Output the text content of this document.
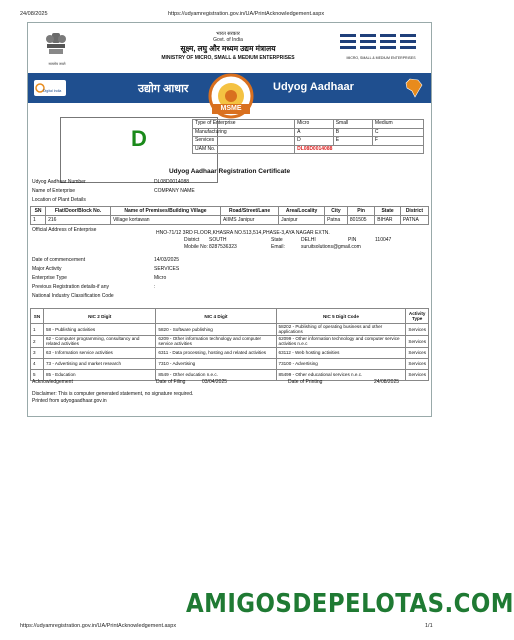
24/08/2025	https://udyamregistration.gov.in/UA/PrintAcknowledgement.aspx
सत्यमेव जयते
भारत सरकार
Govt. of India
सूक्ष्म, लघु और मध्यम उद्यम मंत्रालय
MINISTRY OF MICRO, SMALL & MEDIUM ENTERPRISES	MICRO, SMALL & MEDIUM ENTERPRISES
Digital India	उद्योग आधार
MSME
Udyog Aadhaar
D
Type of Enterprise	Micro	Small	Medium
Manufacturing	A	B	C
Services	D	E	F
UAM No.	DL08D0014088		
Udyog Aadhaar Registration Certificate
Udyog Aadhaar Number	DL08D0014088
Name of Enterprise	COMPANY NAME
Location of Plant Details
SN	Flat/Door/Block No.	Name of Premises/Building Village	Road/Street/Lane	Area/Locality	City	Pin	State	District
1	216	Village kortawan	AIIMS Janipur	Janipur	Patna	801505	BIHAR	PATNA
Official Address of Enterprise	HNO-71/12 3RD FLOOR,KHASRA NO.513,514,PHASE-3,AYA NAGAR EXTN.
District SOUTH	State	DELHI	PIN	110047
Mobile No: 8287536323	Email:	suruitsolutions@gmail.com
Date of commencement	14/03/2025
Major Activity	SERVICES
Enterprise Type	Micro
Previous Registration details-if any	:
National Industry Classification Code
SN	NIC 2 Digit	NIC 4 Digit	NIC 5 Digit Code	Activity Type
1	58 - Publishing activities	5820 - Software publishing	58202 - Publishing of operating business and other applications	Services
2	62 - Computer programming, consultancy and related activities	6209 - Other information technology and computer service activities	62099 - Other information technology and computer service activities n.e.c	Services
3	63 - Information service activities	6311 - Data processing, hosting and related activities	63112 - Web hosting activities	Services
4	73 - Advertising and market research	7310 - Advertising	73100 - Advertising	Services
5	85 - Education	8549 - Other education n.e.c.	85499 - Other educational services n.e.c.	Services
Acknowledgement	Date of Filing	03/04/2025	Date of Printing	24/08/2025
Disclaimer: This is computer generated statement, no signature required.
Printed from udyogaadhaar.gov.in
AMIGOSDEPELOTAS.COM
https://udyamregistration.gov.in/UA/PrintAcknowledgement.aspx	1/1
